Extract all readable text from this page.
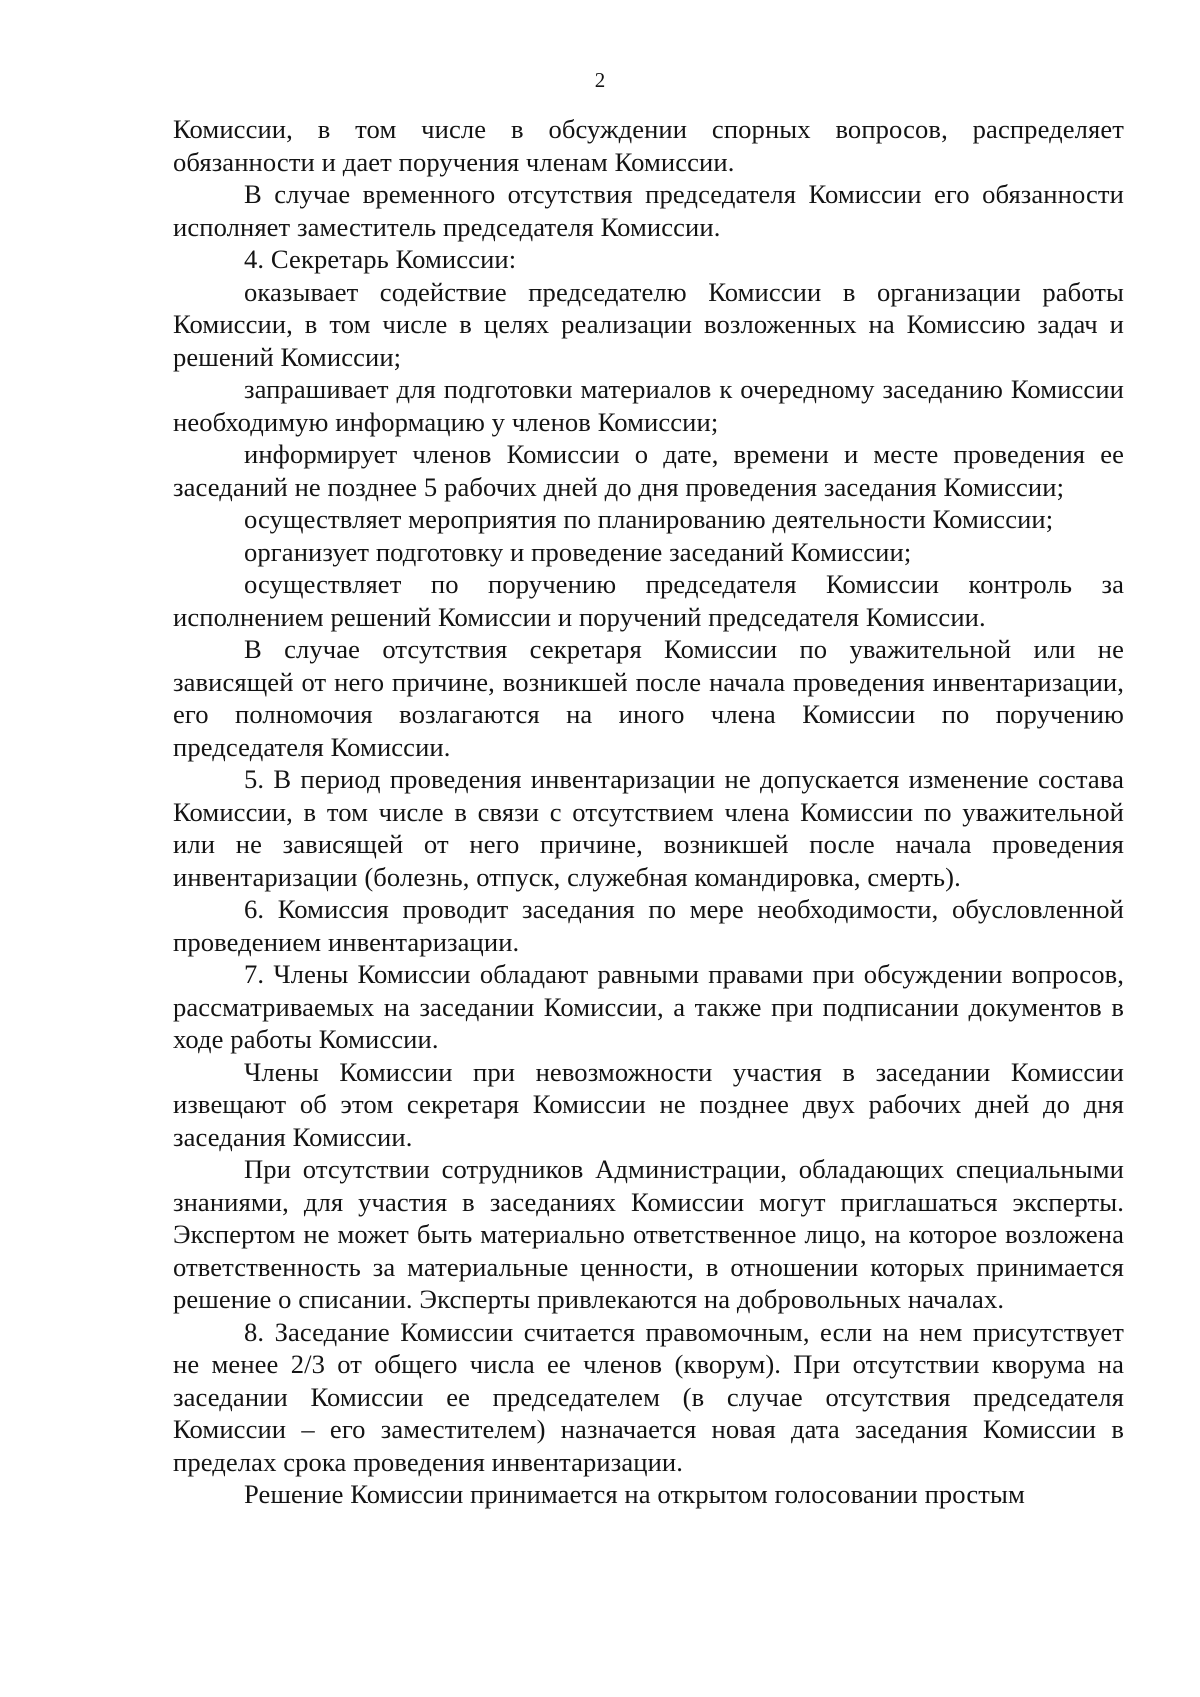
2

Комиссии, в том числе в обсуждении спорных вопросов, распределяет обязанности и дает поручения членам Комиссии.

В случае временного отсутствия председателя Комиссии его обязанности исполняет заместитель председателя Комиссии.

4. Секретарь Комиссии:

оказывает содействие председателю Комиссии в организации работы Комиссии, в том числе в целях реализации возложенных на Комиссию задач и решений Комиссии;

запрашивает для подготовки материалов к очередному заседанию Комиссии необходимую информацию у членов Комиссии;

информирует членов Комиссии о дате, времени и месте проведения ее заседаний не позднее 5 рабочих дней до дня проведения заседания Комиссии;

осуществляет мероприятия по планированию деятельности Комиссии;

организует подготовку и проведение заседаний Комиссии;

осуществляет по поручению председателя Комиссии контроль за исполнением решений Комиссии и поручений председателя Комиссии.

В случае отсутствия секретаря Комиссии по уважительной или не зависящей от него причине, возникшей после начала проведения инвентаризации, его полномочия возлагаются на иного члена Комиссии по поручению председателя Комиссии.

5. В период проведения инвентаризации не допускается изменение состава Комиссии, в том числе в связи с отсутствием члена Комиссии по уважительной или не зависящей от него причине, возникшей после начала проведения инвентаризации (болезнь, отпуск, служебная командировка, смерть).

6. Комиссия проводит заседания по мере необходимости, обусловленной проведением инвентаризации.

7. Члены Комиссии обладают равными правами при обсуждении вопросов, рассматриваемых на заседании Комиссии, а также при подписании документов в ходе работы Комиссии.

Члены Комиссии при невозможности участия в заседании Комиссии извещают об этом секретаря Комиссии не позднее двух рабочих дней до дня заседания Комиссии.

При отсутствии сотрудников Администрации, обладающих специальными знаниями, для участия в заседаниях Комиссии могут приглашаться эксперты. Экспертом не может быть материально ответственное лицо, на которое возложена ответственность за материальные ценности, в отношении которых принимается решение о списании. Эксперты привлекаются на добровольных началах.

8. Заседание Комиссии считается правомочным, если на нем присутствует не менее 2/3 от общего числа ее членов (кворум). При отсутствии кворума на заседании Комиссии ее председателем (в случае отсутствия председателя Комиссии – его заместителем) назначается новая дата заседания Комиссии в пределах срока проведения инвентаризации.

Решение Комиссии принимается на открытом голосовании простым
